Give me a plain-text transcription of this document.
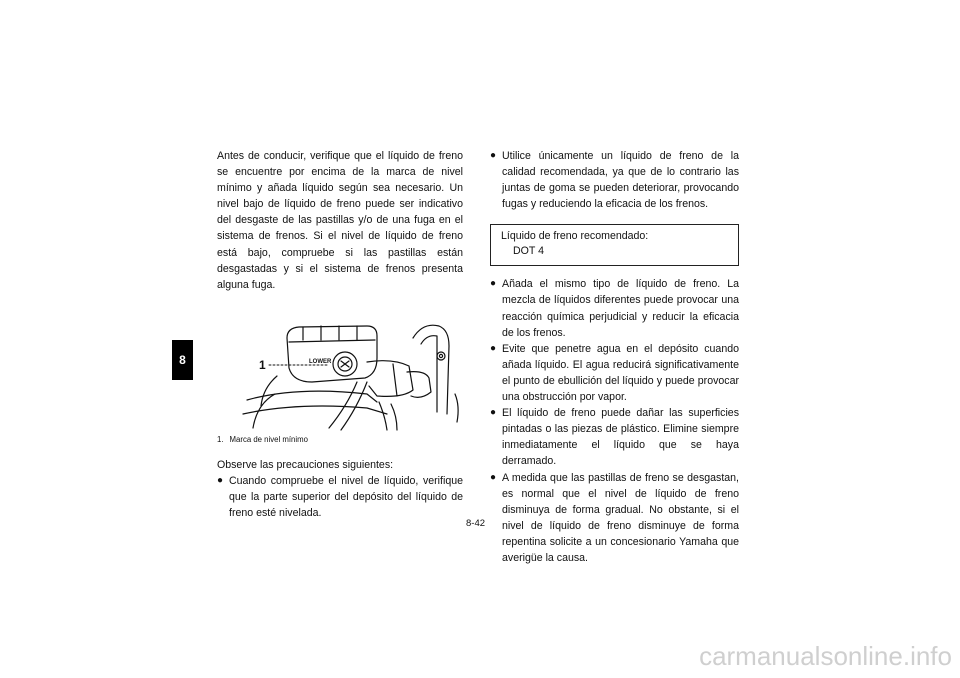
8

Antes de conducir, verifique que el líquido de freno se encuentre por encima de la marca de nivel mínimo y añada líquido según sea necesario. Un nivel bajo de líquido de freno puede ser indicativo del desgaste de las pastillas y/o de una fuga en el sistema de frenos. Si el nivel de líquido de freno está bajo, compruebe si las pastillas están desgastadas y si el sistema de frenos presenta alguna fuga.

1	LOWER
1. Marca de nivel mínimo

Observe las precauciones siguientes:

● Cuando compruebe el nivel de líquido, verifique que la parte superior del depósito del líquido de freno esté nivelada.

● Utilice únicamente un líquido de freno de la calidad recomendada, ya que de lo contrario las juntas de goma se pueden deteriorar, provocando fugas y reduciendo la eficacia de los frenos.

Líquido de freno recomendado:
DOT 4

● Añada el mismo tipo de líquido de freno. La mezcla de líquidos diferentes puede provocar una reacción química perjudicial y reducir la eficacia de los frenos.

● Evite que penetre agua en el depósito cuando añada líquido. El agua reducirá significativamente el punto de ebullición del líquido y puede provocar una obstrucción por vapor.

● El líquido de freno puede dañar las superficies pintadas o las piezas de plástico. Elimine siempre inmediatamente el líquido que se haya derramado.

● A medida que las pastillas de freno se desgastan, es normal que el nivel de líquido de freno disminuya de forma gradual. No obstante, si el nivel de líquido de freno disminuye de forma repentina solicite a un concesionario Yamaha que averigüe la causa.

8-42
carmanualsonline.info
